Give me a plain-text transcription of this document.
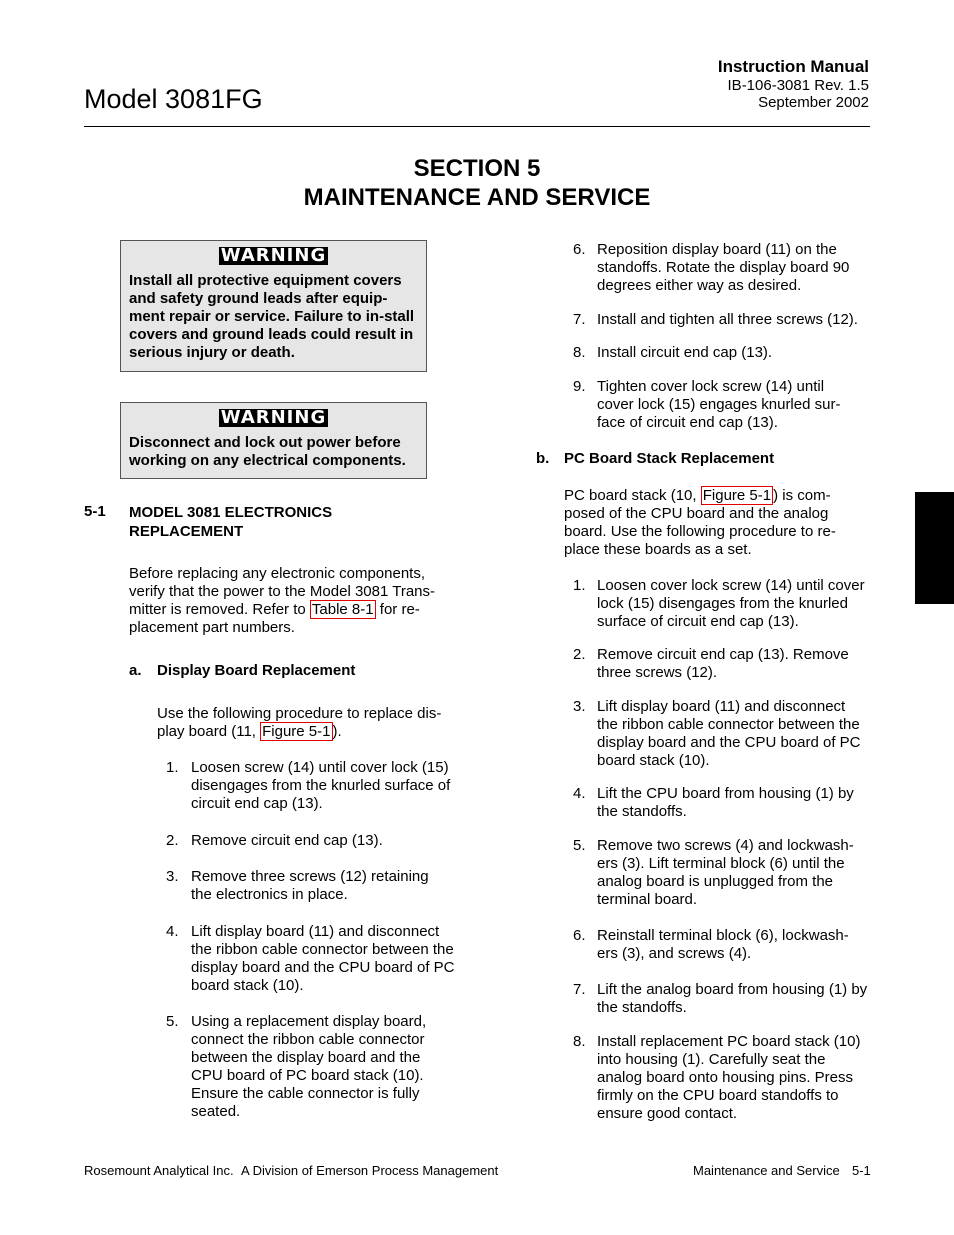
Model 3081FG
Instruction Manual
IB-106-3081 Rev. 1.5
September 2002
SECTION 5
MAINTENANCE AND SERVICE
WARNING
Install all protective equipment covers and safety ground leads after equip-ment repair or service. Failure to in-stall covers and ground leads could result in serious injury or death.
WARNING
Disconnect and lock out power before working on any electrical components.
5-1 MODEL 3081 ELECTRONICS
REPLACEMENT
Before replacing any electronic components, verify that the power to the Model 3081 Trans-mitter is removed. Refer to Table 8-1 for re-placement part numbers.
a. Display Board Replacement
Use the following procedure to replace dis-play board (11, Figure 5-1 ).
1. Loosen screw (14) until cover lock (15) disengages from the knurled surface of circuit end cap (13).
2. Remove circuit end cap (13).
3. Remove three screws (12) retaining the electronics in place.
4. Lift display board (11) and disconnect the ribbon cable connector between the display board and the CPU board of PC board stack (10).
5. Using a replacement display board, connect the ribbon cable connector between the display board and the CPU board of PC board stack (10). Ensure the cable connector is fully seated.
6. Reposition display board (11) on the standoffs. Rotate the display board 90 degrees either way as desired.
7. Install and tighten all three screws (12).
8. Install circuit end cap (13).
9. Tighten cover lock screw (14) until cover lock (15) engages knurled sur-face of circuit end cap (13).
b. PC Board Stack Replacement
PC board stack (10, Figure 5-1 ) is com-posed of the CPU board and the analog board. Use the following procedure to re-place these boards as a set.
1. Loosen cover lock screw (14) until cover lock (15) disengages from the knurled surface of circuit end cap (13).
2. Remove circuit end cap (13). Remove three screws (12).
3. Lift display board (11) and disconnect the ribbon cable connector between the display board and the CPU board of PC board stack (10).
4. Lift the CPU board from housing (1) by the standoffs.
5. Remove two screws (4) and lockwash-ers (3). Lift terminal block (6) until the analog board is unplugged from the terminal board.
6. Reinstall terminal block (6), lockwash-ers (3), and screws (4).
7. Lift the analog board from housing (1) by the standoffs.
8. Install replacement PC board stack (10) into housing (1). Carefully seat the analog board onto housing pins. Press firmly on the CPU board standoffs to ensure good contact.
Rosemount Analytical Inc. A Division of Emerson Process Management	Maintenance and Service 5-1
